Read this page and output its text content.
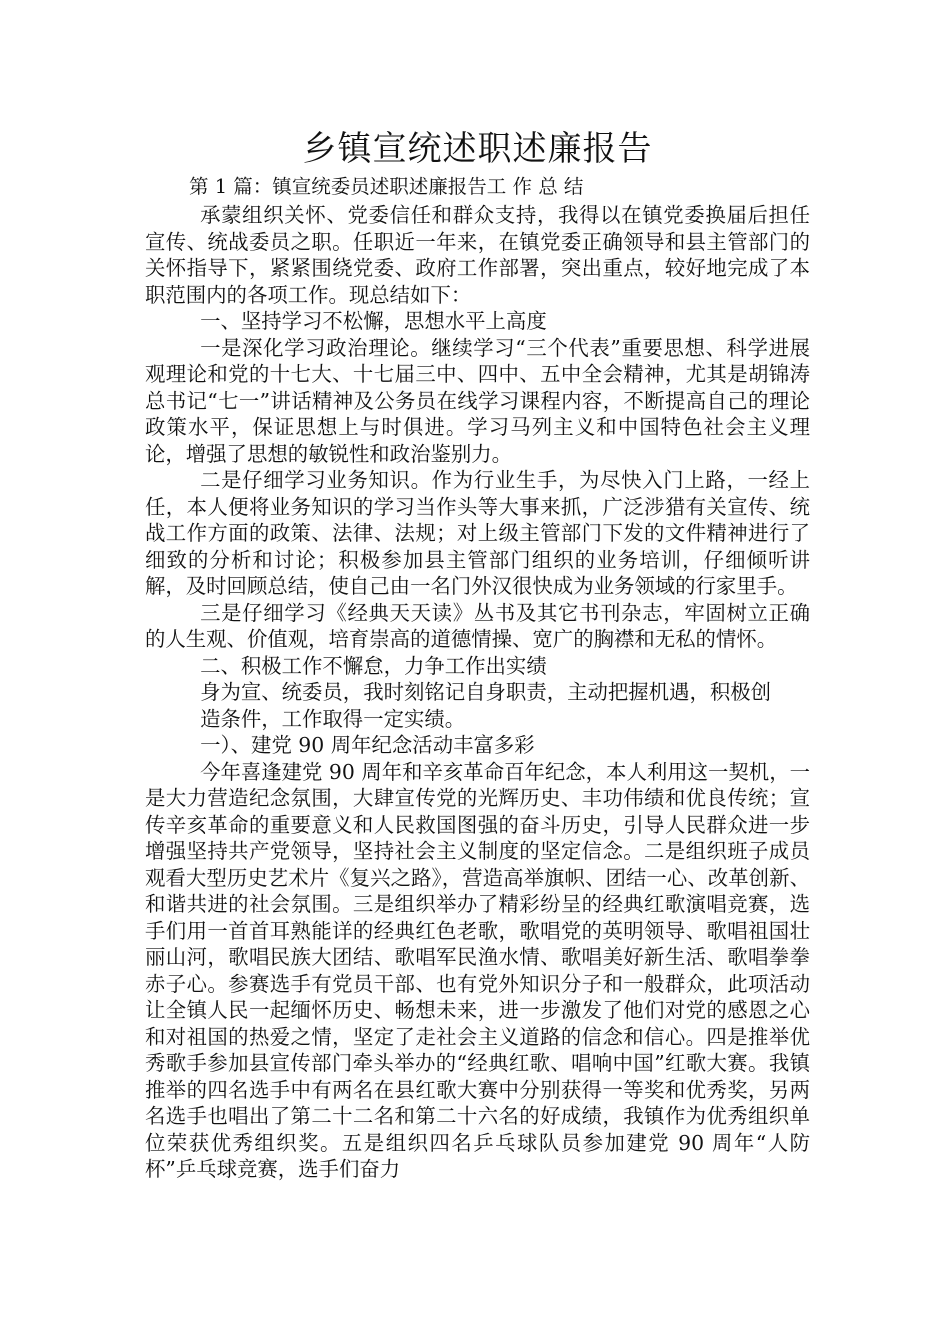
乡镇宣统述职述廉报告
第 1 篇：镇宣统委员述职述廉报告工 作 总 结

承蒙组织关怀、党委信任和群众支持，我得以在镇党委换届后担任宣传、统战委员之职。任职近一年来，在镇党委正确领导和县主管部门的关怀指导下，紧紧围绕党委、政府工作部署，突出重点，较好地完成了本职范围内的各项工作。现总结如下：

一、坚持学习不松懈，思想水平上高度

一是深化学习政治理论。继续学习“三个代表”重要思想、科学进展观理论和党的十七大、十七届三中、四中、五中全会精神，尤其是胡锦涛总书记“七一”讲话精神及公务员在线学习课程内容，不断提高自己的理论政策水平，保证思想上与时俱进。学习马列主义和中国特色社会主义理论，增强了思想的敏锐性和政治鉴别力。

二是仔细学习业务知识。作为行业生手，为尽快入门上路，一经上任，本人便将业务知识的学习当作头等大事来抓，广泛涉猎有关宣传、统战工作方面的政策、法律、法规；对上级主管部门下发的文件精神进行了细致的分析和讨论；积极参加县主管部门组织的业务培训，仔细倾听讲解，及时回顾总结，使自己由一名门外汉很快成为业务领域的行家里手。

三是仔细学习《经典天天读》丛书及其它书刊杂志，牢固树立正确的人生观、价值观，培育崇高的道德情操、宽广的胸襟和无私的情怀。

二、积极工作不懈怠，力争工作出实绩

身为宣、统委员，我时刻铭记自身职责，主动把握机遇，积极创

造条件，工作取得一定实绩。

一）、建党 90 周年纪念活动丰富多彩

今年喜逢建党 90 周年和辛亥革命百年纪念，本人利用这一契机，一是大力营造纪念氛围，大肆宣传党的光辉历史、丰功伟绩和优良传统；宣传辛亥革命的重要意义和人民救国图强的奋斗历史，引导人民群众进一步增强坚持共产党领导，坚持社会主义制度的坚定信念。二是组织班子成员观看大型历史艺术片《复兴之路》，营造高举旗帜、团结一心、改革创新、和谐共进的社会氛围。三是组织举办了精彩纷呈的经典红歌演唱竞赛，选手们用一首首耳熟能详的经典红色老歌，歌唱党的英明领导、歌唱祖国壮丽山河，歌唱民族大团结、歌唱军民渔水情、歌唱美好新生活、歌唱拳拳赤子心。参赛选手有党员干部、也有党外知识分子和一般群众，此项活动让全镇人民一起缅怀历史、畅想未来，进一步激发了他们对党的感恩之心和对祖国的热爱之情，坚定了走社会主义道路的信念和信心。四是推举优秀歌手参加县宣传部门牵头举办的“经典红歌、唱响中国”红歌大赛。我镇推举的四名选手中有两名在县红歌大赛中分别获得一等奖和优秀奖，另两名选手也唱出了第二十二名和第二十六名的好成绩，我镇作为优秀组织单位荣获优秀组织奖。五是组织四名乒乓球队员参加建党 90 周年“人防杯”乒乓球竞赛，选手们奋力
